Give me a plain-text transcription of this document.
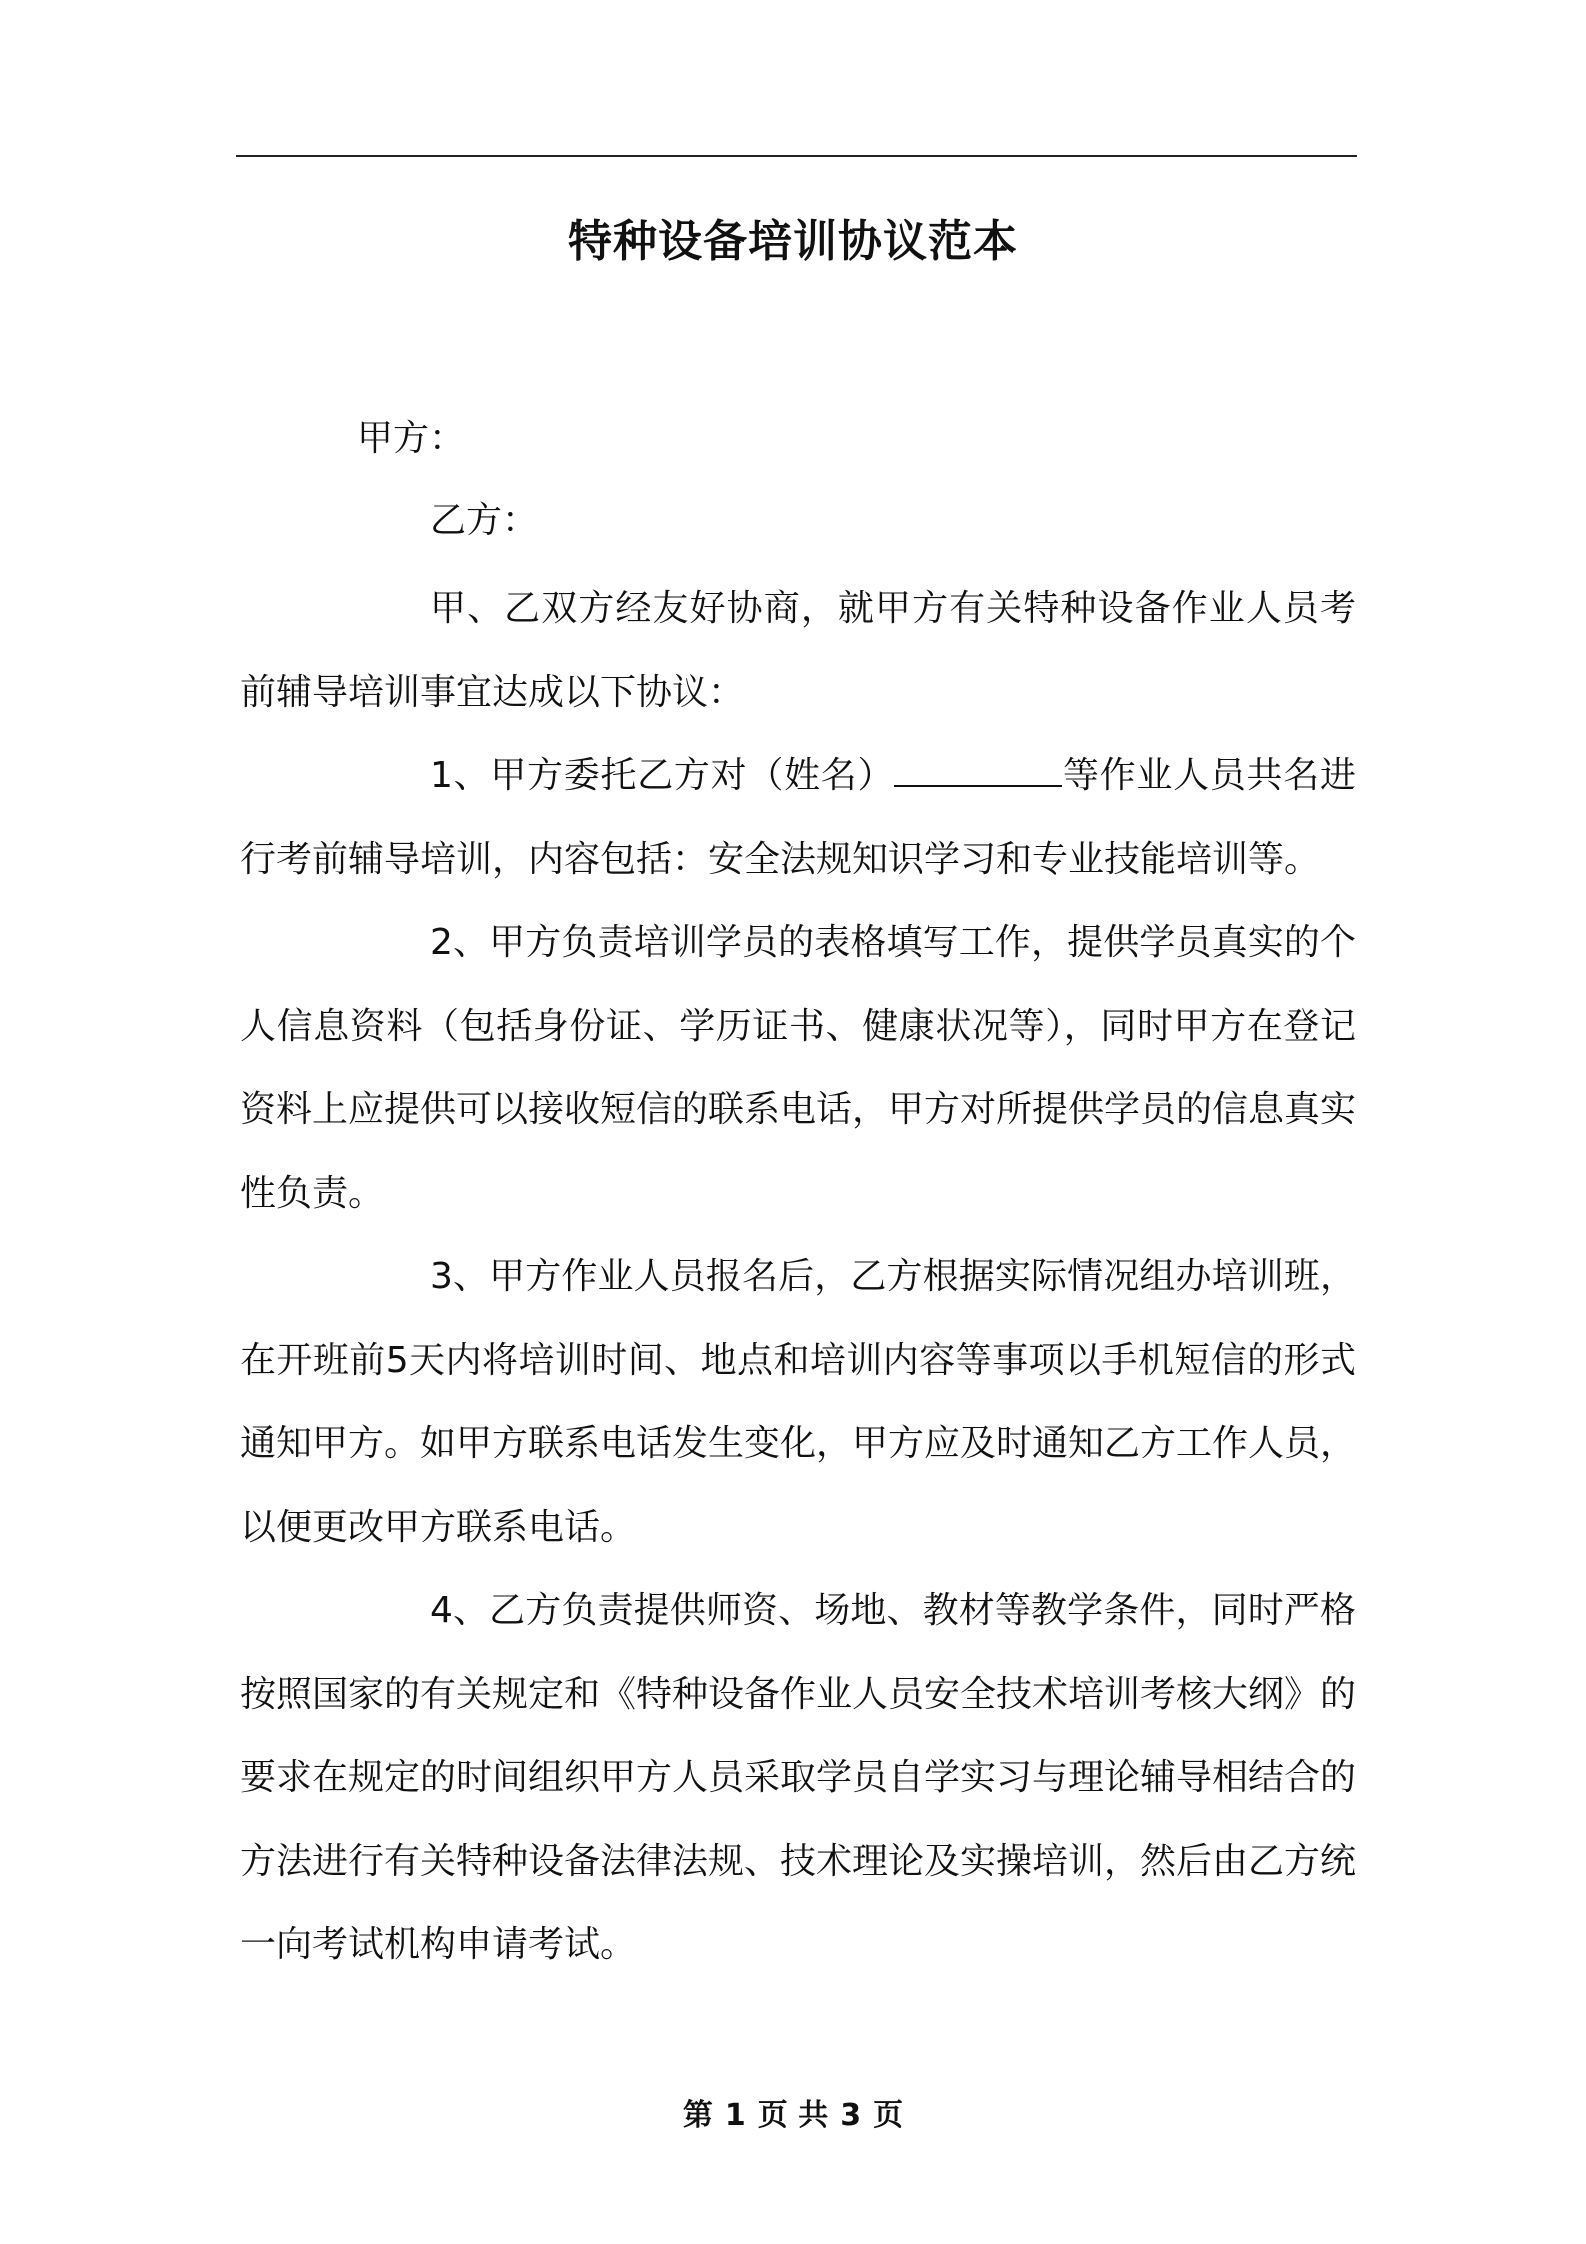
特种设备培训协议范本
甲方：
乙方：

甲、乙双方经友好协商，就甲方有关特种设备作业人员考前辅导培训事宜达成以下协议：

1、甲方委托乙方对（姓名）	等作业人员共名进行考前辅导培训，内容包括：安全法规知识学习和专业技能培训等。

2、甲方负责培训学员的表格填写工作，提供学员真实的个人信息资料（包括身份证、学历证书、健康状况等），同时甲方在登记资料上应提供可以接收短信的联系电话，甲方对所提供学员的信息真实性负责。

3、甲方作业人员报名后，乙方根据实际情况组办培训班，在开班前5天内将培训时间、地点和培训内容等事项以手机短信的形式通知甲方。如甲方联系电话发生变化，甲方应及时通知乙方工作人员，以便更改甲方联系电话。

4、乙方负责提供师资、场地、教材等教学条件，同时严格按照国家的有关规定和《特种设备作业人员安全技术培训考核大纲》的要求在规定的时间组织甲方人员采取学员自学实习与理论辅导相结合的方法进行有关特种设备法律法规、技术理论及实操培训，然后由乙方统一向考试机构申请考试。

第 1 页 共 3 页
